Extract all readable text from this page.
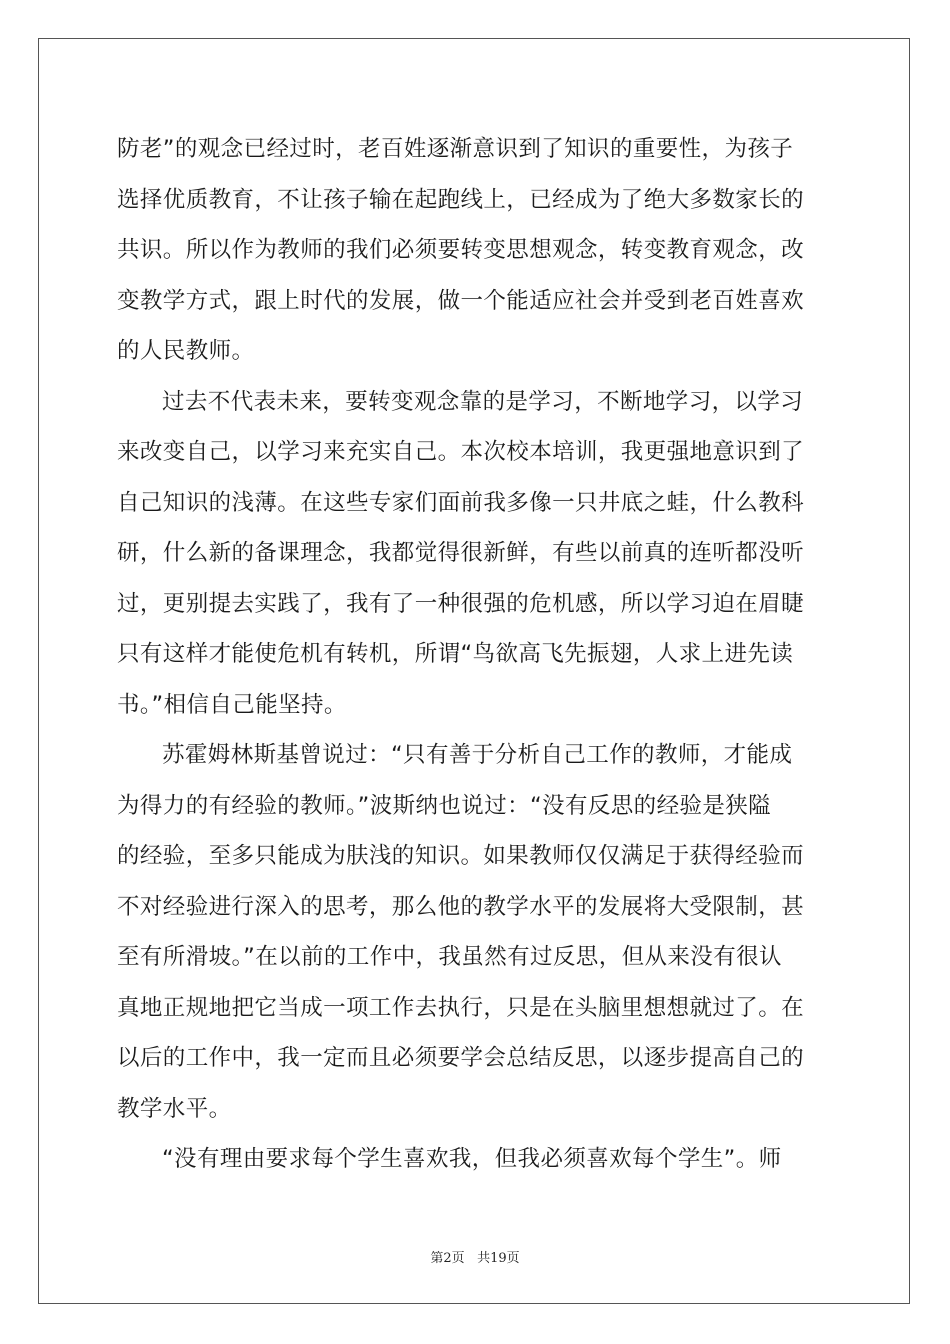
防老”的观念已经过时，老百姓逐渐意识到了知识的重要性，为孩子
选择优质教育，不让孩子输在起跑线上，已经成为了绝大多数家长的
共识。所以作为教师的我们必须要转变思想观念，转变教育观念，改
变教学方式，跟上时代的发展，做一个能适应社会并受到老百姓喜欢
的人民教师。
过去不代表未来，要转变观念靠的是学习，不断地学习，以学习
来改变自己，以学习来充实自己。本次校本培训，我更强地意识到了
自己知识的浅薄。在这些专家们面前我多像一只井底之蛙，什么教科
研，什么新的备课理念，我都觉得很新鲜，有些以前真的连听都没听
过，更别提去实践了，我有了一种很强的危机感，所以学习迫在眉睫
只有这样才能使危机有转机，所谓“鸟欲高飞先振翅，人求上进先读
书。”相信自己能坚持。
苏霍姆林斯基曾说过：“只有善于分析自己工作的教师，才能成
为得力的有经验的教师。”波斯纳也说过：“没有反思的经验是狭隘
的经验，至多只能成为肤浅的知识。如果教师仅仅满足于获得经验而
不对经验进行深入的思考，那么他的教学水平的发展将大受限制，甚
至有所滑坡。”在以前的工作中，我虽然有过反思，但从来没有很认
真地正规地把它当成一项工作去执行，只是在头脑里想想就过了。在
以后的工作中，我一定而且必须要学会总结反思，以逐步提高自己的
教学水平。
“没有理由要求每个学生喜欢我，但我必须喜欢每个学生”。师
第2页 共19页
